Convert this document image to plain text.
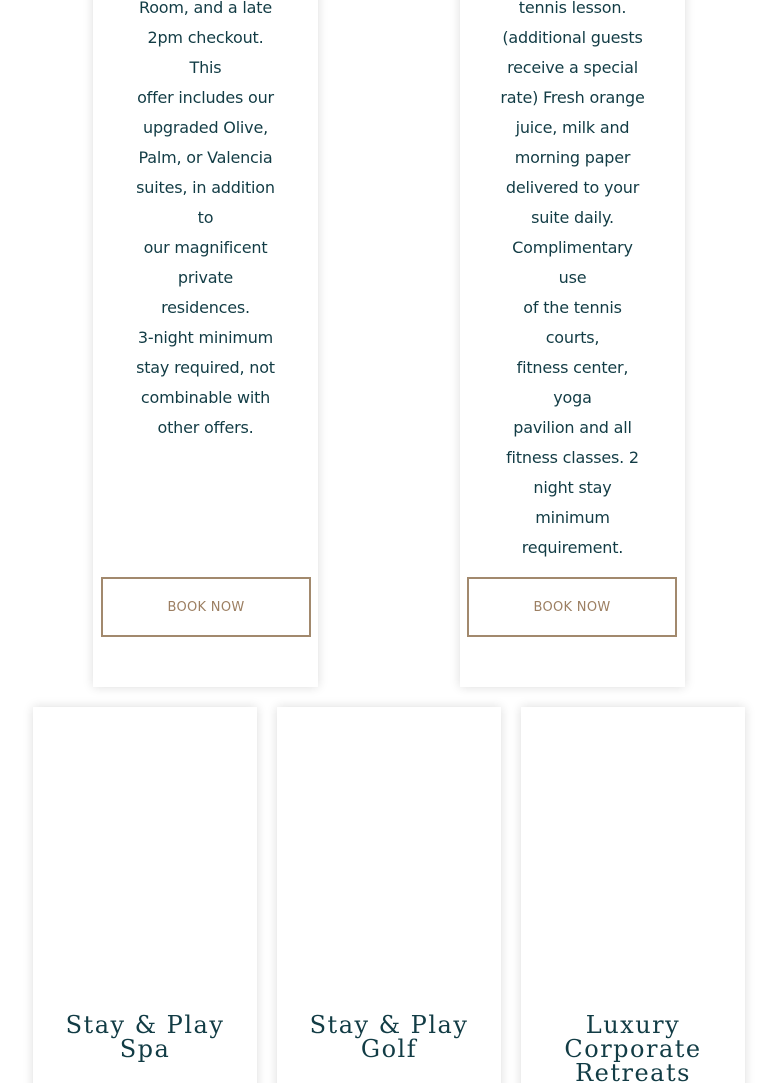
Room, and a late
2pm checkout. This
offer includes our
upgraded Olive,
Palm, or Valencia
suites, in addition to
our magnificent
private residences.
3-night minimum
stay required, not
combinable with
other offers.
BOOK NOW
tennis lesson.
(additional guests
receive a special
rate) Fresh orange
juice, milk and
morning paper
delivered to your
suite daily.
Complimentary use
of the tennis courts,
fitness center, yoga
pavilion and all
fitness classes. 2
night stay minimum
requirement.
BOOK NOW
Stay & Play
Spa
Stay & Play
Golf
Luxury
Corporate
Retreats
